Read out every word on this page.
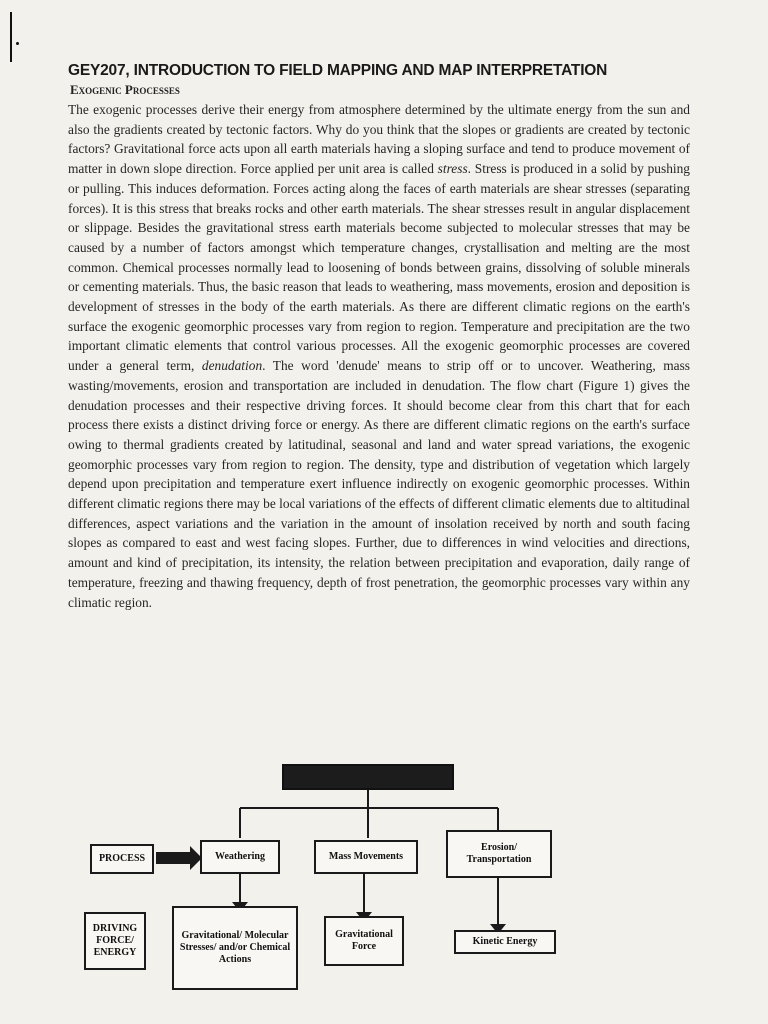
GEY207, INTRODUCTION TO FIELD MAPPING AND MAP INTERPRETATION
Exogenic Processes

The exogenic processes derive their energy from atmosphere determined by the ultimate energy from the sun and also the gradients created by tectonic factors. Why do you think that the slopes or gradients are created by tectonic factors? Gravitational force acts upon all earth materials having a sloping surface and tend to produce movement of matter in down slope direction. Force applied per unit area is called stress. Stress is produced in a solid by pushing or pulling. This induces deformation. Forces acting along the faces of earth materials are shear stresses (separating forces). It is this stress that breaks rocks and other earth materials. The shear stresses result in angular displacement or slippage. Besides the gravitational stress earth materials become subjected to molecular stresses that may be caused by a number of factors amongst which temperature changes, crystallisation and melting are the most common. Chemical processes normally lead to loosening of bonds between grains, dissolving of soluble minerals or cementing materials. Thus, the basic reason that leads to weathering, mass movements, erosion and deposition is development of stresses in the body of the earth materials. As there are different climatic regions on the earth's surface the exogenic geomorphic processes vary from region to region. Temperature and precipitation are the two important climatic elements that control various processes. All the exogenic geomorphic processes are covered under a general term, denudation. The word 'denude' means to strip off or to uncover. Weathering, mass wasting/movements, erosion and transportation are included in denudation. The flow chart (Figure 1) gives the denudation processes and their respective driving forces. It should become clear from this chart that for each process there exists a distinct driving force or energy. As there are different climatic regions on the earth's surface owing to thermal gradients created by latitudinal, seasonal and land and water spread variations, the exogenic geomorphic processes vary from region to region. The density, type and distribution of vegetation which largely depend upon precipitation and temperature exert influence indirectly on exogenic geomorphic processes. Within different climatic regions there may be local variations of the effects of different climatic elements due to altitudinal differences, aspect variations and the variation in the amount of insolation received by north and south facing slopes as compared to east and west facing slopes. Further, due to differences in wind velocities and directions, amount and kind of precipitation, its intensity, the relation between precipitation and evaporation, daily range of temperature, freezing and thawing frequency, depth of frost penetration, the geomorphic processes vary within any climatic region.

PROCESS	Weathering	Mass Movements
Erosion/ Transportation
DRIVING FORCE/ ENERGY
Gravitational/ Molecular Stresses/ and/or Chemical Actions
Gravitational Force	Kinetic Energy
